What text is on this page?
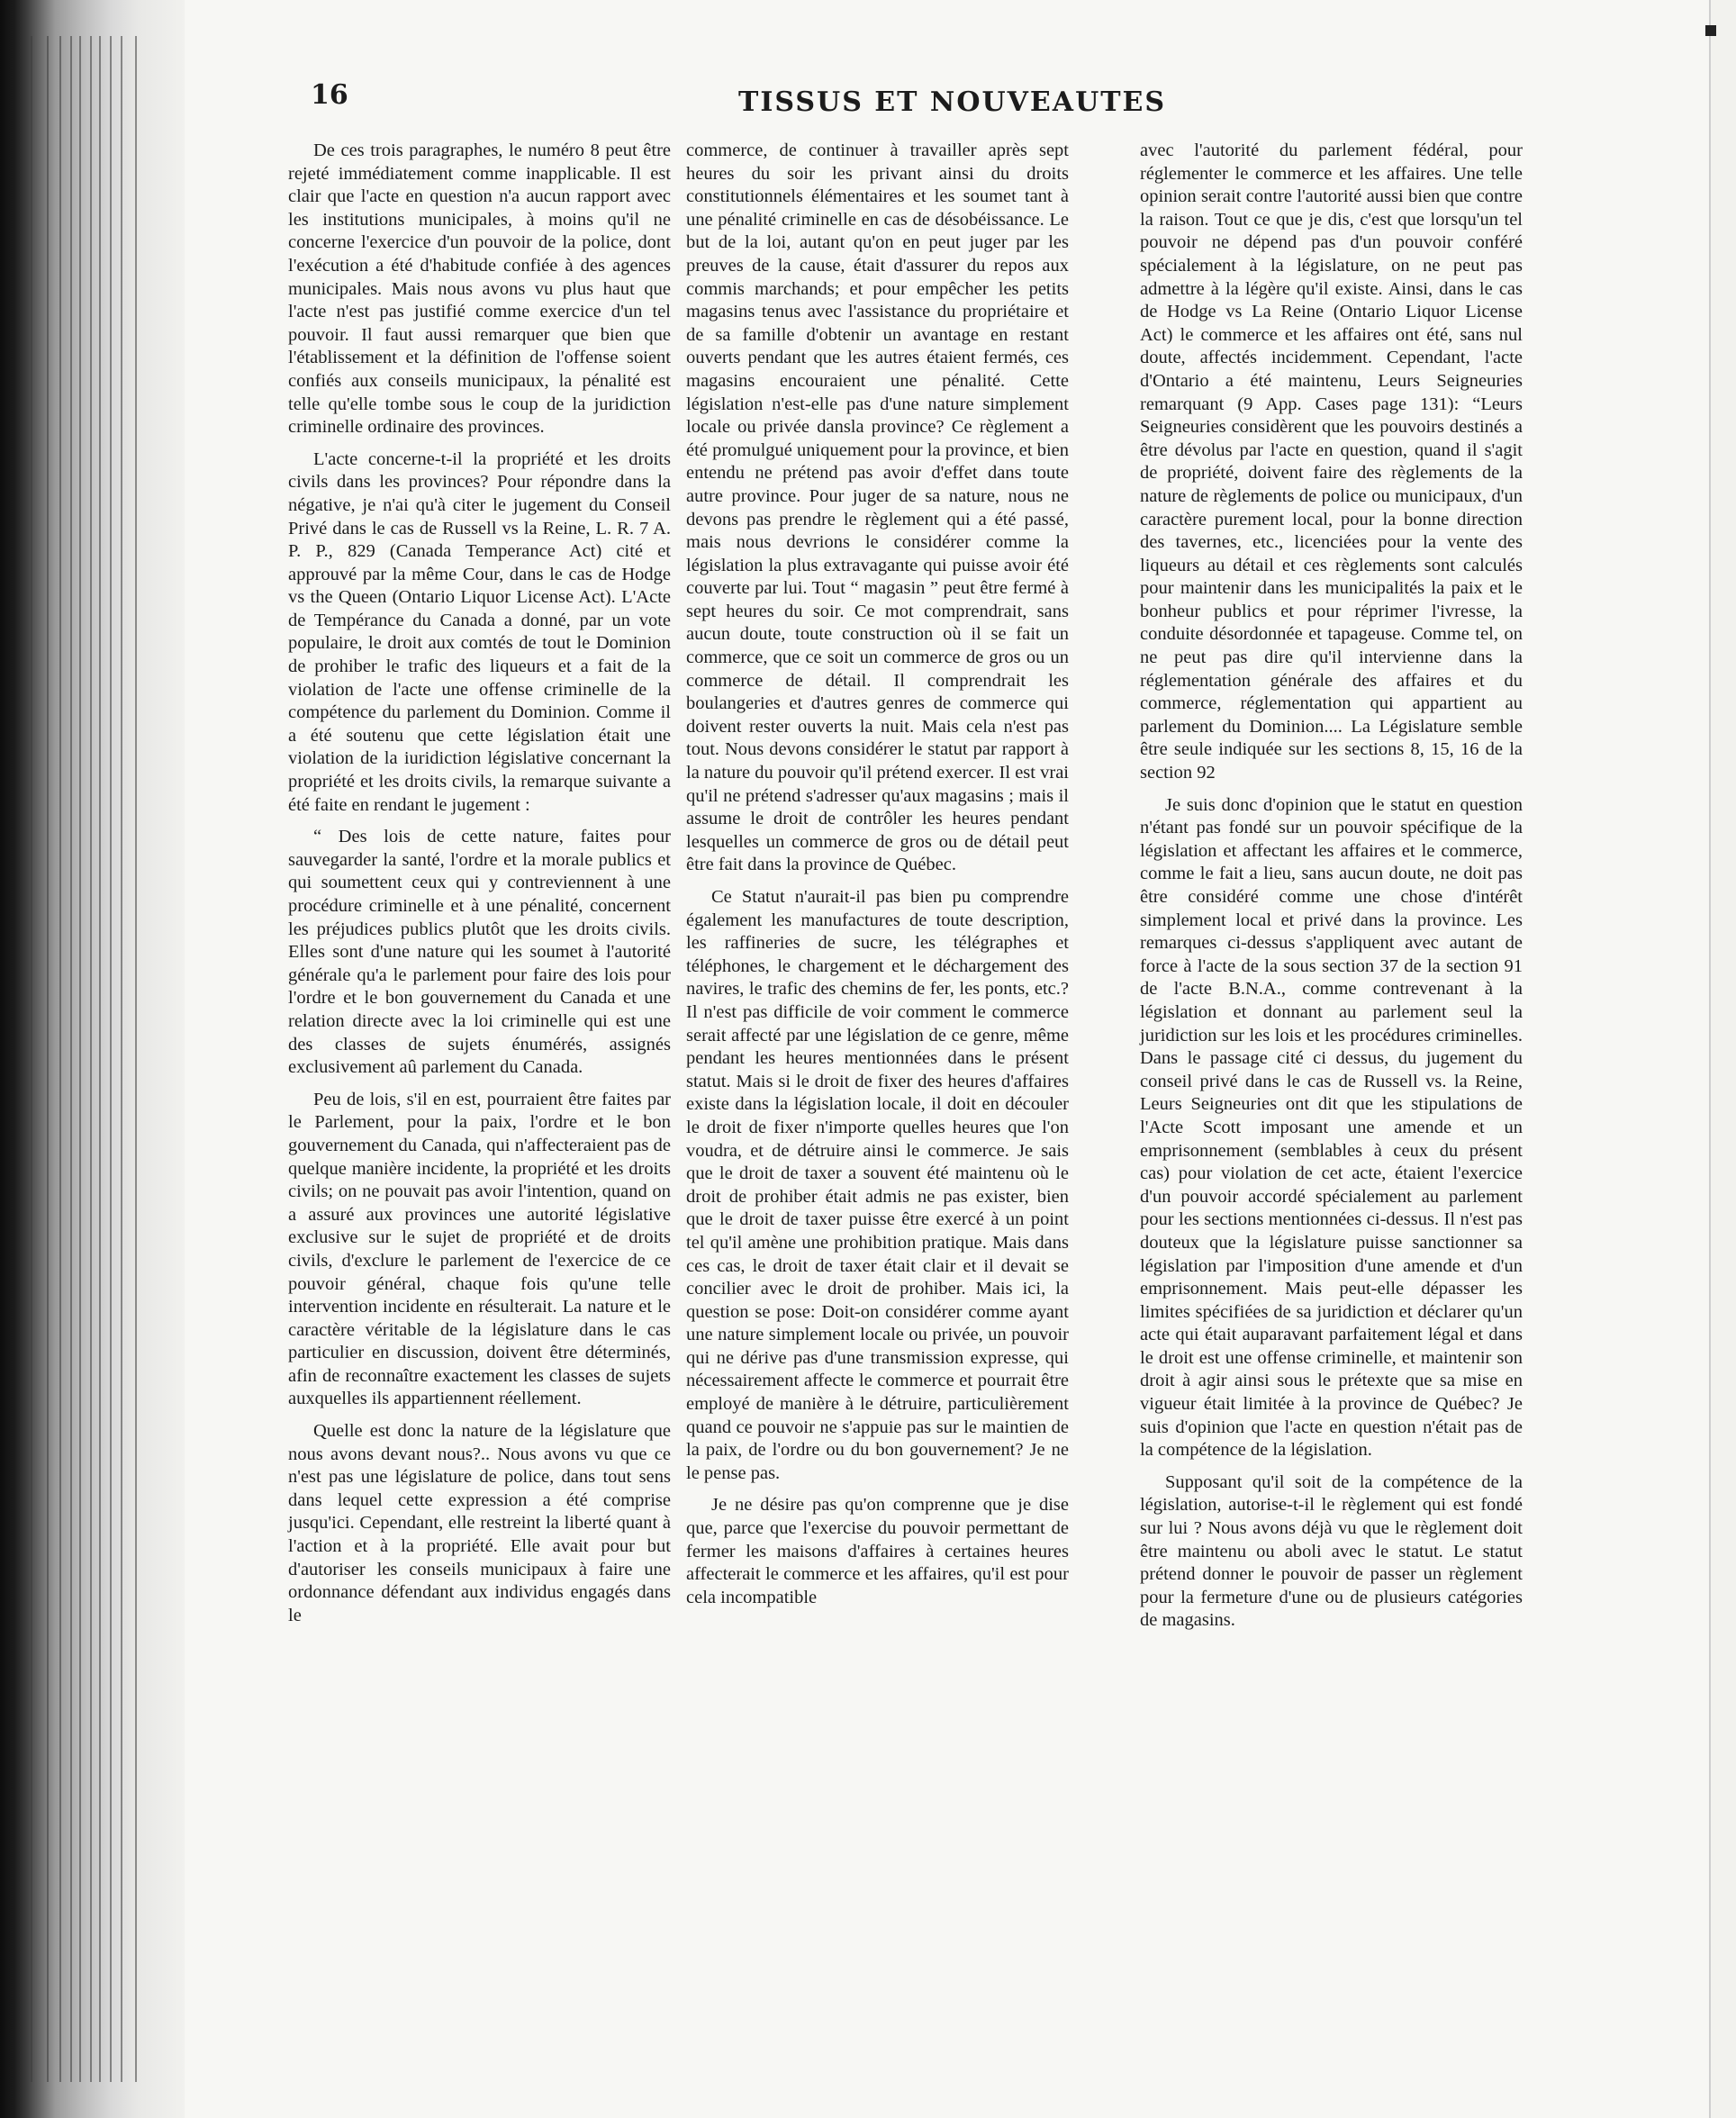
16	TISSUS ET NOUVEAUTES

De ces trois paragraphes, le numéro 8 peut être rejeté immédiatement comme inapplicable. Il est clair que l'acte en question n'a aucun rapport avec les institutions municipales, à moins qu'il ne concerne l'exercice d'un pouvoir de la police, dont l'exécution a été d'habitude confiée à des agences municipales. Mais nous avons vu plus haut que l'acte n'est pas justifié comme exercice d'un tel pouvoir. Il faut aussi remarquer que bien que l'établissement et la définition de l'offense soient confiés aux conseils municipaux, la pénalité est telle qu'elle tombe sous le coup de la juridiction criminelle ordinaire des provinces.

L'acte concerne-t-il la propriété et les droits civils dans les provinces? Pour répondre dans la négative, je n'ai qu'à citer le jugement du Conseil Privé dans le cas de Russell vs la Reine, L. R. 7 A. P. P., 829 (Canada Temperance Act) cité et approuvé par la même Cour, dans le cas de Hodge vs the Queen (Ontario Liquor License Act). L'Acte de Tempérance du Canada a donné, par un vote populaire, le droit aux comtés de tout le Dominion de prohiber le trafic des liqueurs et a fait de la violation de l'acte une offense criminelle de la compétence du parlement du Dominion. Comme il a été soutenu que cette législation était une violation de la iuridiction législative concernant la propriété et les droits civils, la remarque suivante a été faite en rendant le jugement :

“ Des lois de cette nature, faites pour sauvegarder la santé, l'ordre et la morale publics et qui soumettent ceux qui y contreviennent à une procédure criminelle et à une pénalité, concernent les préjudices publics plutôt que les droits civils. Elles sont d'une nature qui les soumet à l'autorité générale qu'a le parlement pour faire des lois pour l'ordre et le bon gouvernement du Canada et une relation directe avec la loi criminelle qui est une des classes de sujets énumérés, assignés exclusivement aû parlement du Canada.

Peu de lois, s'il en est, pourraient être faites par le Parlement, pour la paix, l'ordre et le bon gouvernement du Canada, qui n'affecteraient pas de quelque manière incidente, la propriété et les droits civils; on ne pouvait pas avoir l'intention, quand on a assuré aux provinces une autorité législative exclusive sur le sujet de propriété et de droits civils, d'exclure le parlement de l'exercice de ce pouvoir général, chaque fois qu'une telle intervention incidente en résulterait. La nature et le caractère véritable de la législature dans le cas particulier en discussion, doivent être déterminés, afin de reconnaître exactement les classes de sujets auxquelles ils appartiennent réellement.

Quelle est donc la nature de la législature que nous avons devant nous?.. Nous avons vu que ce n'est pas une législature de police, dans tout sens dans lequel cette expression a été comprise jusqu'ici. Cependant, elle restreint la liberté quant à l'action et à la propriété. Elle avait pour but d'autoriser les conseils municipaux à faire une ordonnance défendant aux individus engagés dans le

commerce, de continuer à travailler après sept heures du soir les privant ainsi du droits constitutionnels élémentaires et les soumet tant à une pénalité criminelle en cas de désobéissance. Le but de la loi, autant qu'on en peut juger par les preuves de la cause, était d'assurer du repos aux commis marchands; et pour empêcher les petits magasins tenus avec l'assistance du propriétaire et de sa famille d'obtenir un avantage en restant ouverts pendant que les autres étaient fermés, ces magasins encouraient une pénalité. Cette législation n'est-elle pas d'une nature simplement locale ou privée dansla province? Ce règlement a été promulgué uniquement pour la province, et bien entendu ne prétend pas avoir d'effet dans toute autre province. Pour juger de sa nature, nous ne devons pas prendre le règlement qui a été passé, mais nous devrions le considérer comme la législation la plus extravagante qui puisse avoir été couverte par lui. Tout “ magasin ” peut être fermé à sept heures du soir. Ce mot comprendrait, sans aucun doute, toute construction où il se fait un commerce, que ce soit un commerce de gros ou un commerce de détail. Il comprendrait les boulangeries et d'autres genres de commerce qui doivent rester ouverts la nuit. Mais cela n'est pas tout. Nous devons considérer le statut par rapport à la nature du pouvoir qu'il prétend exercer. Il est vrai qu'il ne prétend s'adresser qu'aux magasins ; mais il assume le droit de contrôler les heures pendant lesquelles un commerce de gros ou de détail peut être fait dans la province de Québec.

Ce Statut n'aurait-il pas bien pu comprendre également les manufactures de toute description, les raffineries de sucre, les télégraphes et téléphones, le chargement et le déchargement des navires, le trafic des chemins de fer, les ponts, etc.? Il n'est pas difficile de voir comment le commerce serait affecté par une législation de ce genre, même pendant les heures mentionnées dans le présent statut. Mais si le droit de fixer des heures d'affaires existe dans la législation locale, il doit en découler le droit de fixer n'importe quelles heures que l'on voudra, et de détruire ainsi le commerce. Je sais que le droit de taxer a souvent été maintenu où le droit de prohiber était admis ne pas exister, bien que le droit de taxer puisse être exercé à un point tel qu'il amène une prohibition pratique. Mais dans ces cas, le droit de taxer était clair et il devait se concilier avec le droit de prohiber. Mais ici, la question se pose: Doit-on considérer comme ayant une nature simplement locale ou privée, un pouvoir qui ne dérive pas d'une transmission expresse, qui nécessairement affecte le commerce et pourrait être employé de manière à le détruire, particulièrement quand ce pouvoir ne s'appuie pas sur le maintien de la paix, de l'ordre ou du bon gouvernement? Je ne le pense pas.

Je ne désire pas qu'on comprenne que je dise que, parce que l'exercise du pouvoir permettant de fermer les maisons d'affaires à certaines heures affecterait le commerce et les affaires, qu'il est pour cela incompatible

avec l'autorité du parlement fédéral, pour réglementer le commerce et les affaires. Une telle opinion serait contre l'autorité aussi bien que contre la raison. Tout ce que je dis, c'est que lorsqu'un tel pouvoir ne dépend pas d'un pouvoir conféré spécialement à la législature, on ne peut pas admettre à la légère qu'il existe. Ainsi, dans le cas de Hodge vs La Reine (Ontario Liquor License Act) le commerce et les affaires ont été, sans nul doute, affectés incidemment. Cependant, l'acte d'Ontario a été maintenu, Leurs Seigneuries remarquant (9 App. Cases page 131): “Leurs Seigneuries considèrent que les pouvoirs destinés a être dévolus par l'acte en question, quand il s'agit de propriété, doivent faire des règlements de la nature de règlements de police ou municipaux, d'un caractère purement local, pour la bonne direction des tavernes, etc., licenciées pour la vente des liqueurs au détail et ces règlements sont calculés pour maintenir dans les municipalités la paix et le bonheur publics et pour réprimer l'ivresse, la conduite désordonnée et tapageuse. Comme tel, on ne peut pas dire qu'il intervienne dans la réglementation générale des affaires et du commerce, réglementation qui appartient au parlement du Dominion.... La Législature semble être seule indiquée sur les sections 8, 15, 16 de la section 92

Je suis donc d'opinion que le statut en question n'étant pas fondé sur un pouvoir spécifique de la législation et affectant les affaires et le commerce, comme le fait a lieu, sans aucun doute, ne doit pas être considéré comme une chose d'intérêt simplement local et privé dans la province. Les remarques ci-dessus s'appliquent avec autant de force à l'acte de la sous section 37 de la section 91 de l'acte B.N.A., comme contrevenant à la législation et donnant au parlement seul la juridiction sur les lois et les procédures criminelles. Dans le passage cité ci dessus, du jugement du conseil privé dans le cas de Russell vs. la Reine, Leurs Seigneuries ont dit que les stipulations de l'Acte Scott imposant une amende et un emprisonnement (semblables à ceux du présent cas) pour violation de cet acte, étaient l'exercice d'un pouvoir accordé spécialement au parlement pour les sections mentionnées ci-dessus. Il n'est pas douteux que la législature puisse sanctionner sa législation par l'imposition d'une amende et d'un emprisonnement. Mais peut-elle dépasser les limites spécifiées de sa juridiction et déclarer qu'un acte qui était auparavant parfaitement légal et dans le droit est une offense criminelle, et maintenir son droit à agir ainsi sous le prétexte que sa mise en vigueur était limitée à la province de Québec? Je suis d'opinion que l'acte en question n'était pas de la compétence de la législation.

Supposant qu'il soit de la compétence de la législation, autorise-t-il le règlement qui est fondé sur lui ? Nous avons déjà vu que le règlement doit être maintenu ou aboli avec le statut. Le statut prétend donner le pouvoir de passer un règlement pour la fermeture d'une ou de plusieurs catégories de magasins.
